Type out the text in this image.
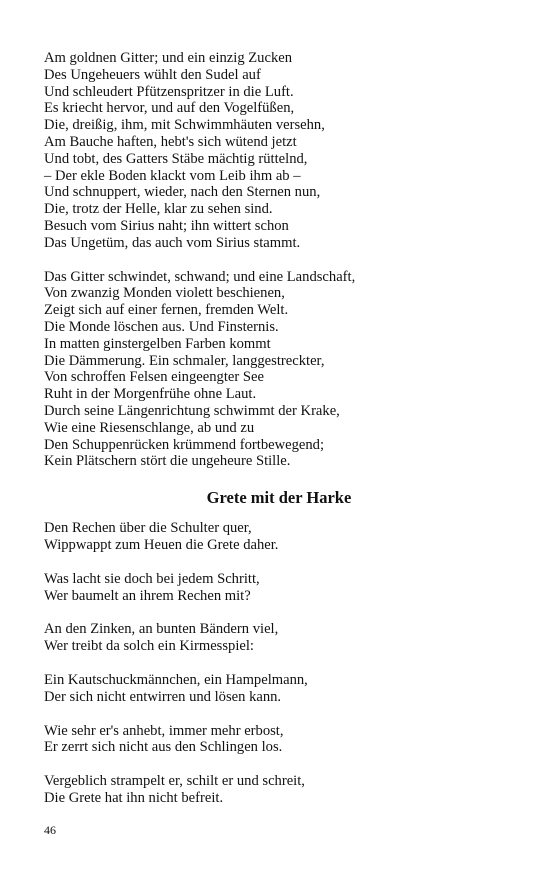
Am goldnen Gitter; und ein einzig Zucken
Des Ungeheuers wühlt den Sudel auf
Und schleudert Pfützenspritzer in die Luft.
Es kriecht hervor, und auf den Vogelfüßen,
Die, dreißig, ihm, mit Schwimmhäuten versehn,
Am Bauche haften, hebt's sich wütend jetzt
Und tobt, des Gatters Stäbe mächtig rüttelnd,
– Der ekle Boden klackt vom Leib ihm ab –
Und schnuppert, wieder, nach den Sternen nun,
Die, trotz der Helle, klar zu sehen sind.
Besuch vom Sirius naht; ihn wittert schon
Das Ungetüm, das auch vom Sirius stammt.
Das Gitter schwindet, schwand; und eine Landschaft,
Von zwanzig Monden violett beschienen,
Zeigt sich auf einer fernen, fremden Welt.
Die Monde löschen aus. Und Finsternis.
In matten ginstergelben Farben kommt
Die Dämmerung. Ein schmaler, langgestreckter,
Von schroffen Felsen eingeengter See
Ruht in der Morgenfrühe ohne Laut.
Durch seine Längenrichtung schwimmt der Krake,
Wie eine Riesenschlange, ab und zu
Den Schuppenrücken krümmend fortbewegend;
Kein Plätschern stört die ungeheure Stille.
Grete mit der Harke
Den Rechen über die Schulter quer,
Wippwappt zum Heuen die Grete daher.
Was lacht sie doch bei jedem Schritt,
Wer baumelt an ihrem Rechen mit?
An den Zinken, an bunten Bändern viel,
Wer treibt da solch ein Kirmesspiel:
Ein Kautschuckmännchen, ein Hampelmann,
Der sich nicht entwirren und lösen kann.
Wie sehr er's anhebt, immer mehr erbost,
Er zerrt sich nicht aus den Schlingen los.
Vergeblich strampelt er, schilt er und schreit,
Die Grete hat ihn nicht befreit.
46
